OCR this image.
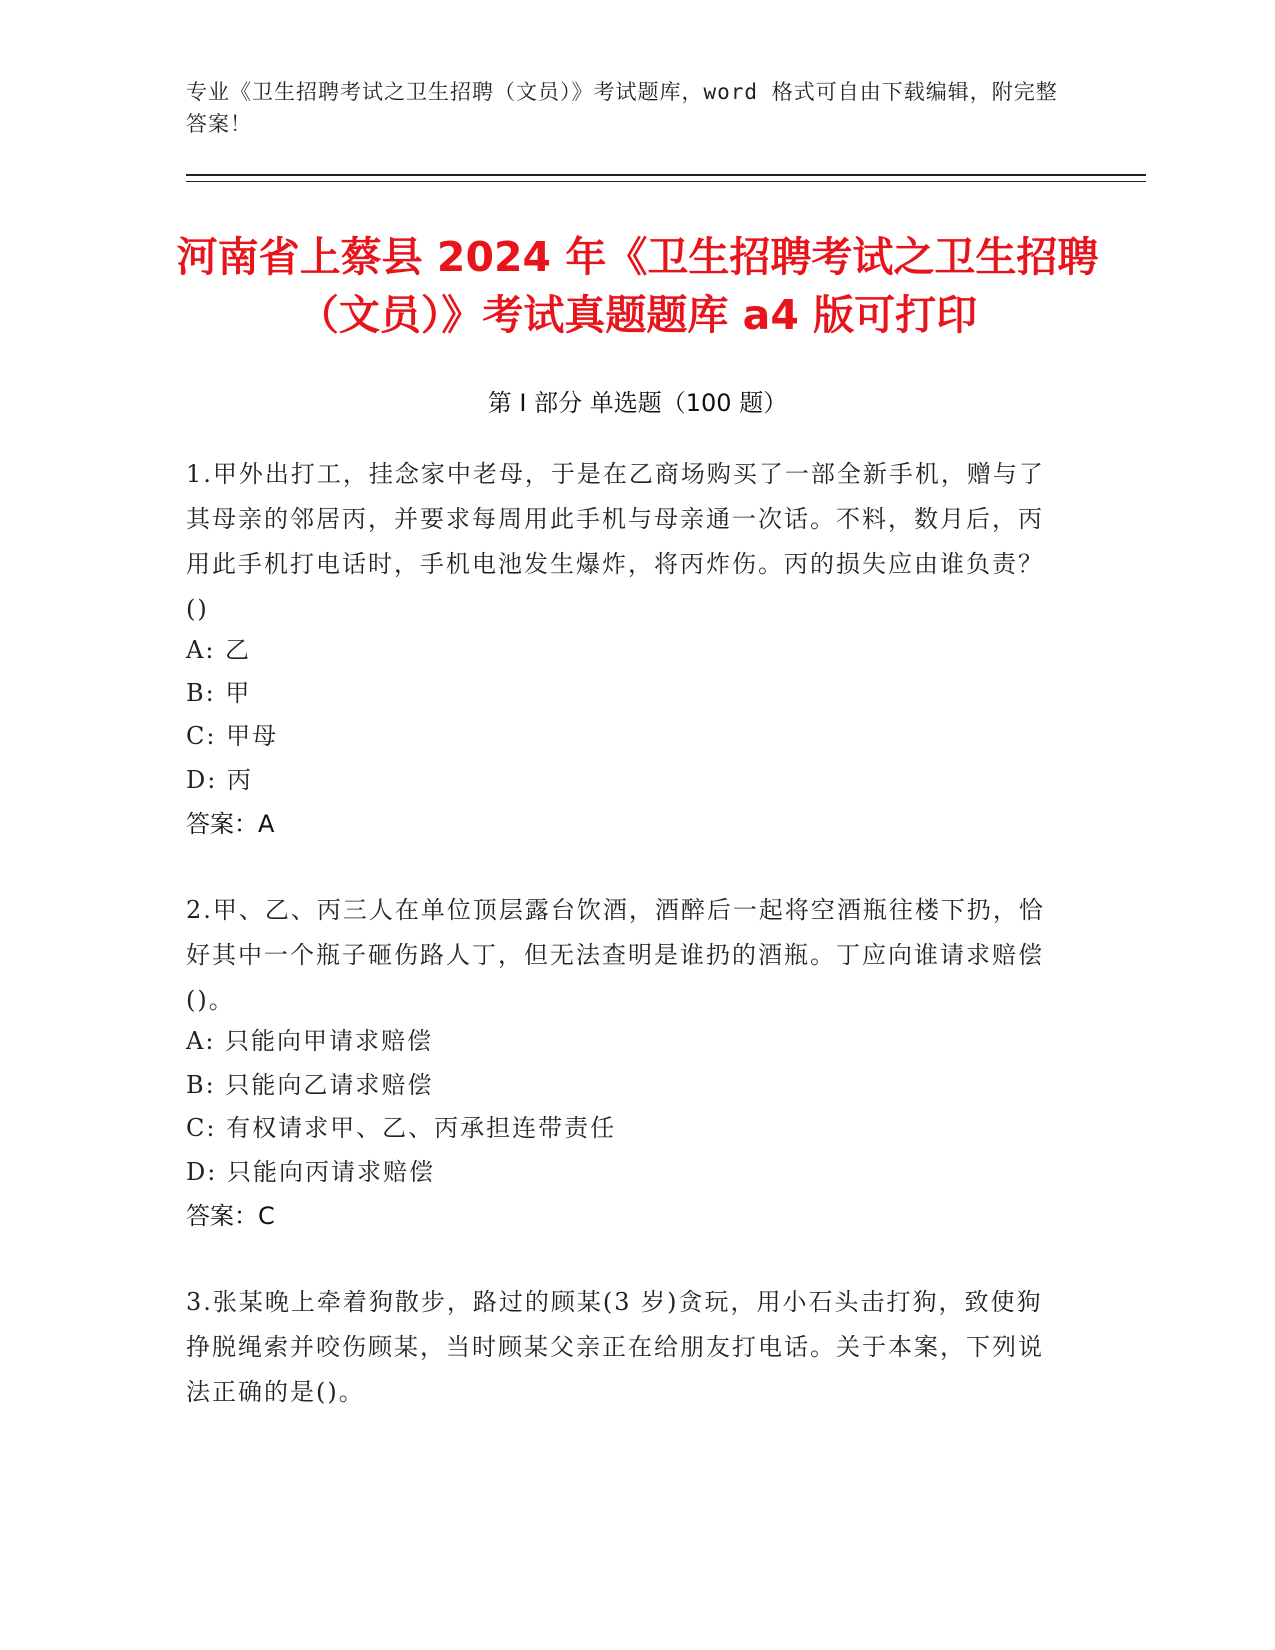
专业《卫生招聘考试之卫生招聘（文员）》考试题库，word 格式可自由下载编辑，附完整答案！
河南省上蔡县 2024 年《卫生招聘考试之卫生招聘（文员）》考试真题题库 a4 版可打印
第 I 部分 单选题（100 题）
1.甲外出打工，挂念家中老母，于是在乙商场购买了一部全新手机，赠与了其母亲的邻居丙，并要求每周用此手机与母亲通一次话。不料，数月后，丙用此手机打电话时，手机电池发生爆炸，将丙炸伤。丙的损失应由谁负责？()
A: 乙
B: 甲
C: 甲母
D: 丙
答案：A
2.甲、乙、丙三人在单位顶层露台饮酒，酒醉后一起将空酒瓶往楼下扔，恰好其中一个瓶子砸伤路人丁，但无法查明是谁扔的酒瓶。丁应向谁请求赔偿()。
A: 只能向甲请求赔偿
B: 只能向乙请求赔偿
C: 有权请求甲、乙、丙承担连带责任
D: 只能向丙请求赔偿
答案：C
3.张某晚上牵着狗散步，路过的顾某(3 岁)贪玩，用小石头击打狗，致使狗挣脱绳索并咬伤顾某，当时顾某父亲正在给朋友打电话。关于本案，下列说法正确的是()。
